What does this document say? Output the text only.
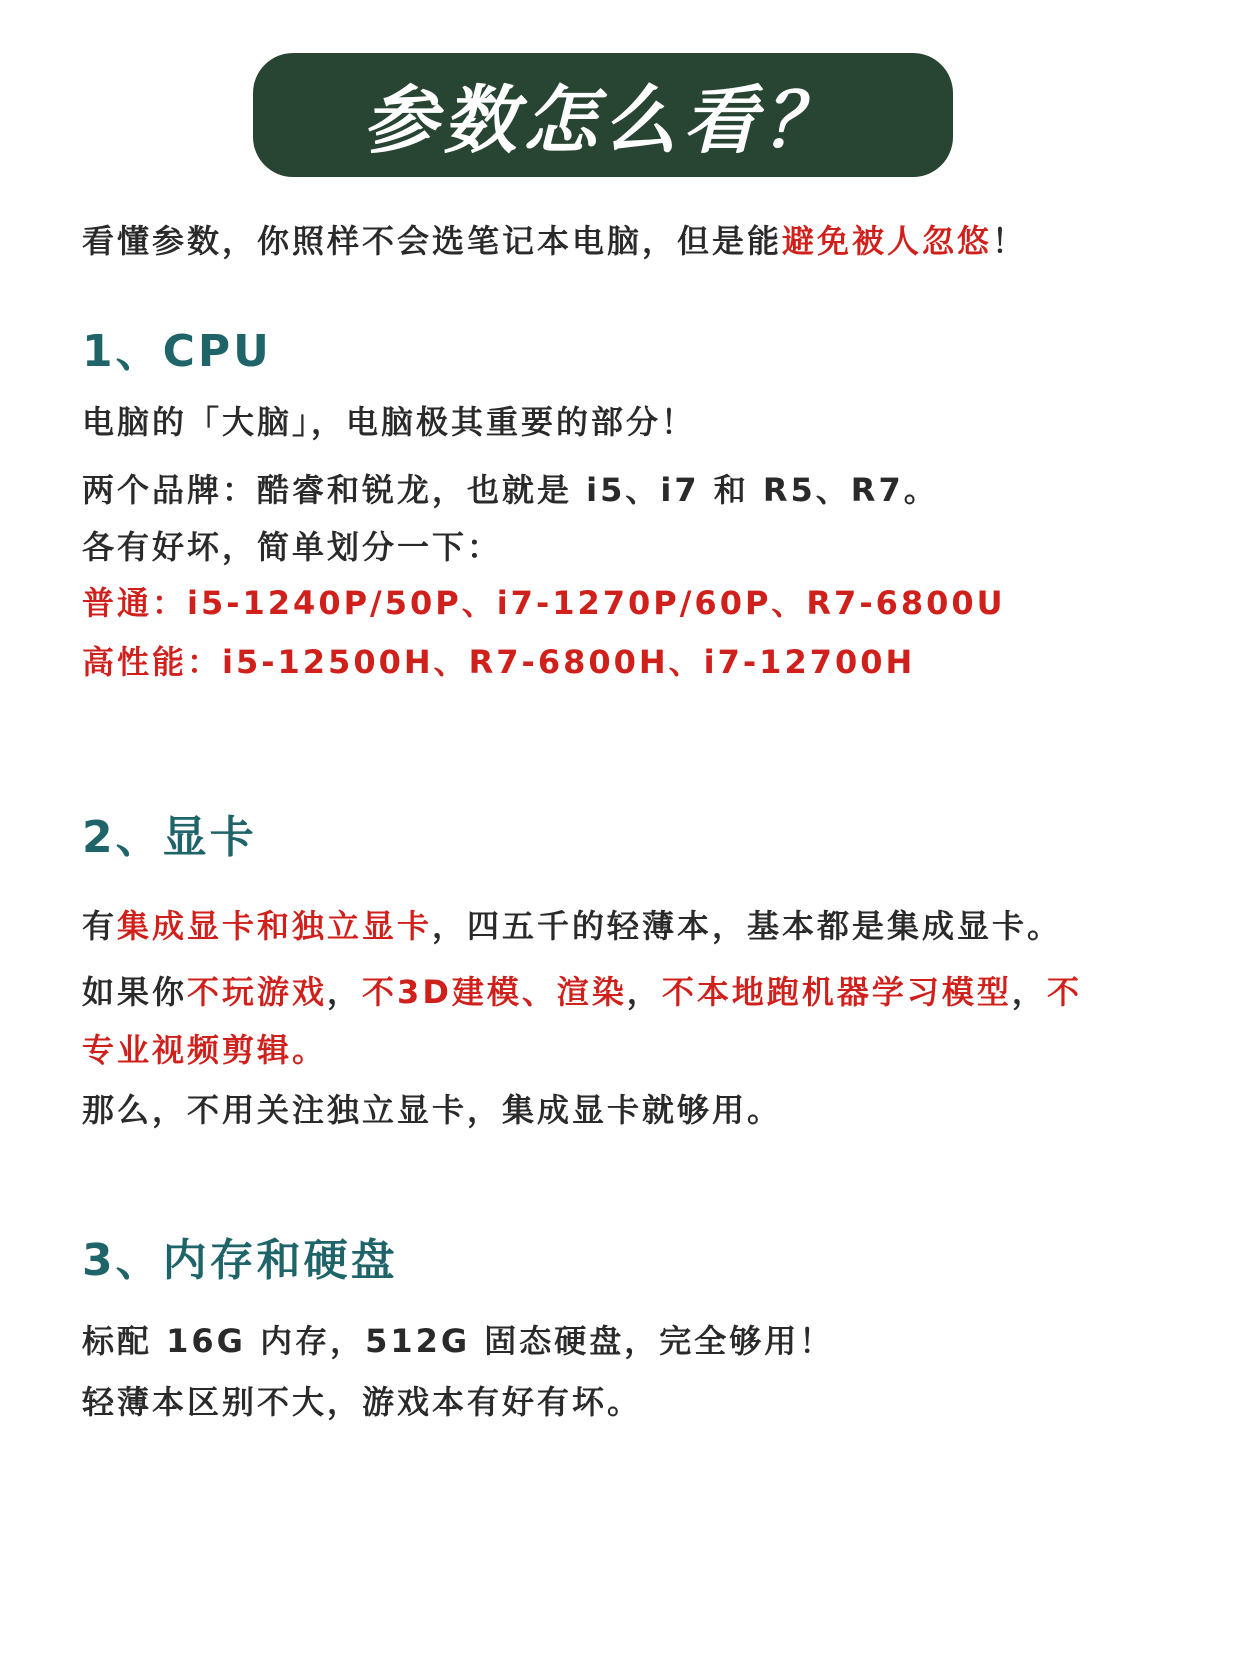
参数怎么看？
看懂参数，你照样不会选笔记本电脑，但是能避免被人忽悠！
1、CPU
电脑的「大脑」，电脑极其重要的部分！
两个品牌：酷睿和锐龙，也就是 i5、i7 和 R5、R7。
各有好坏，简单划分一下：
普通：i5-1240P/50P、i7-1270P/60P、R7-6800U
高性能：i5-12500H、R7-6800H、i7-12700H
2、显卡
有集成显卡和独立显卡，四五千的轻薄本，基本都是集成显卡。
如果你不玩游戏，不3D建模、渲染，不本地跑机器学习模型，不
专业视频剪辑。
那么，不用关注独立显卡，集成显卡就够用。
3、内存和硬盘
标配 16G 内存，512G 固态硬盘，完全够用！
轻薄本区别不大，游戏本有好有坏。
